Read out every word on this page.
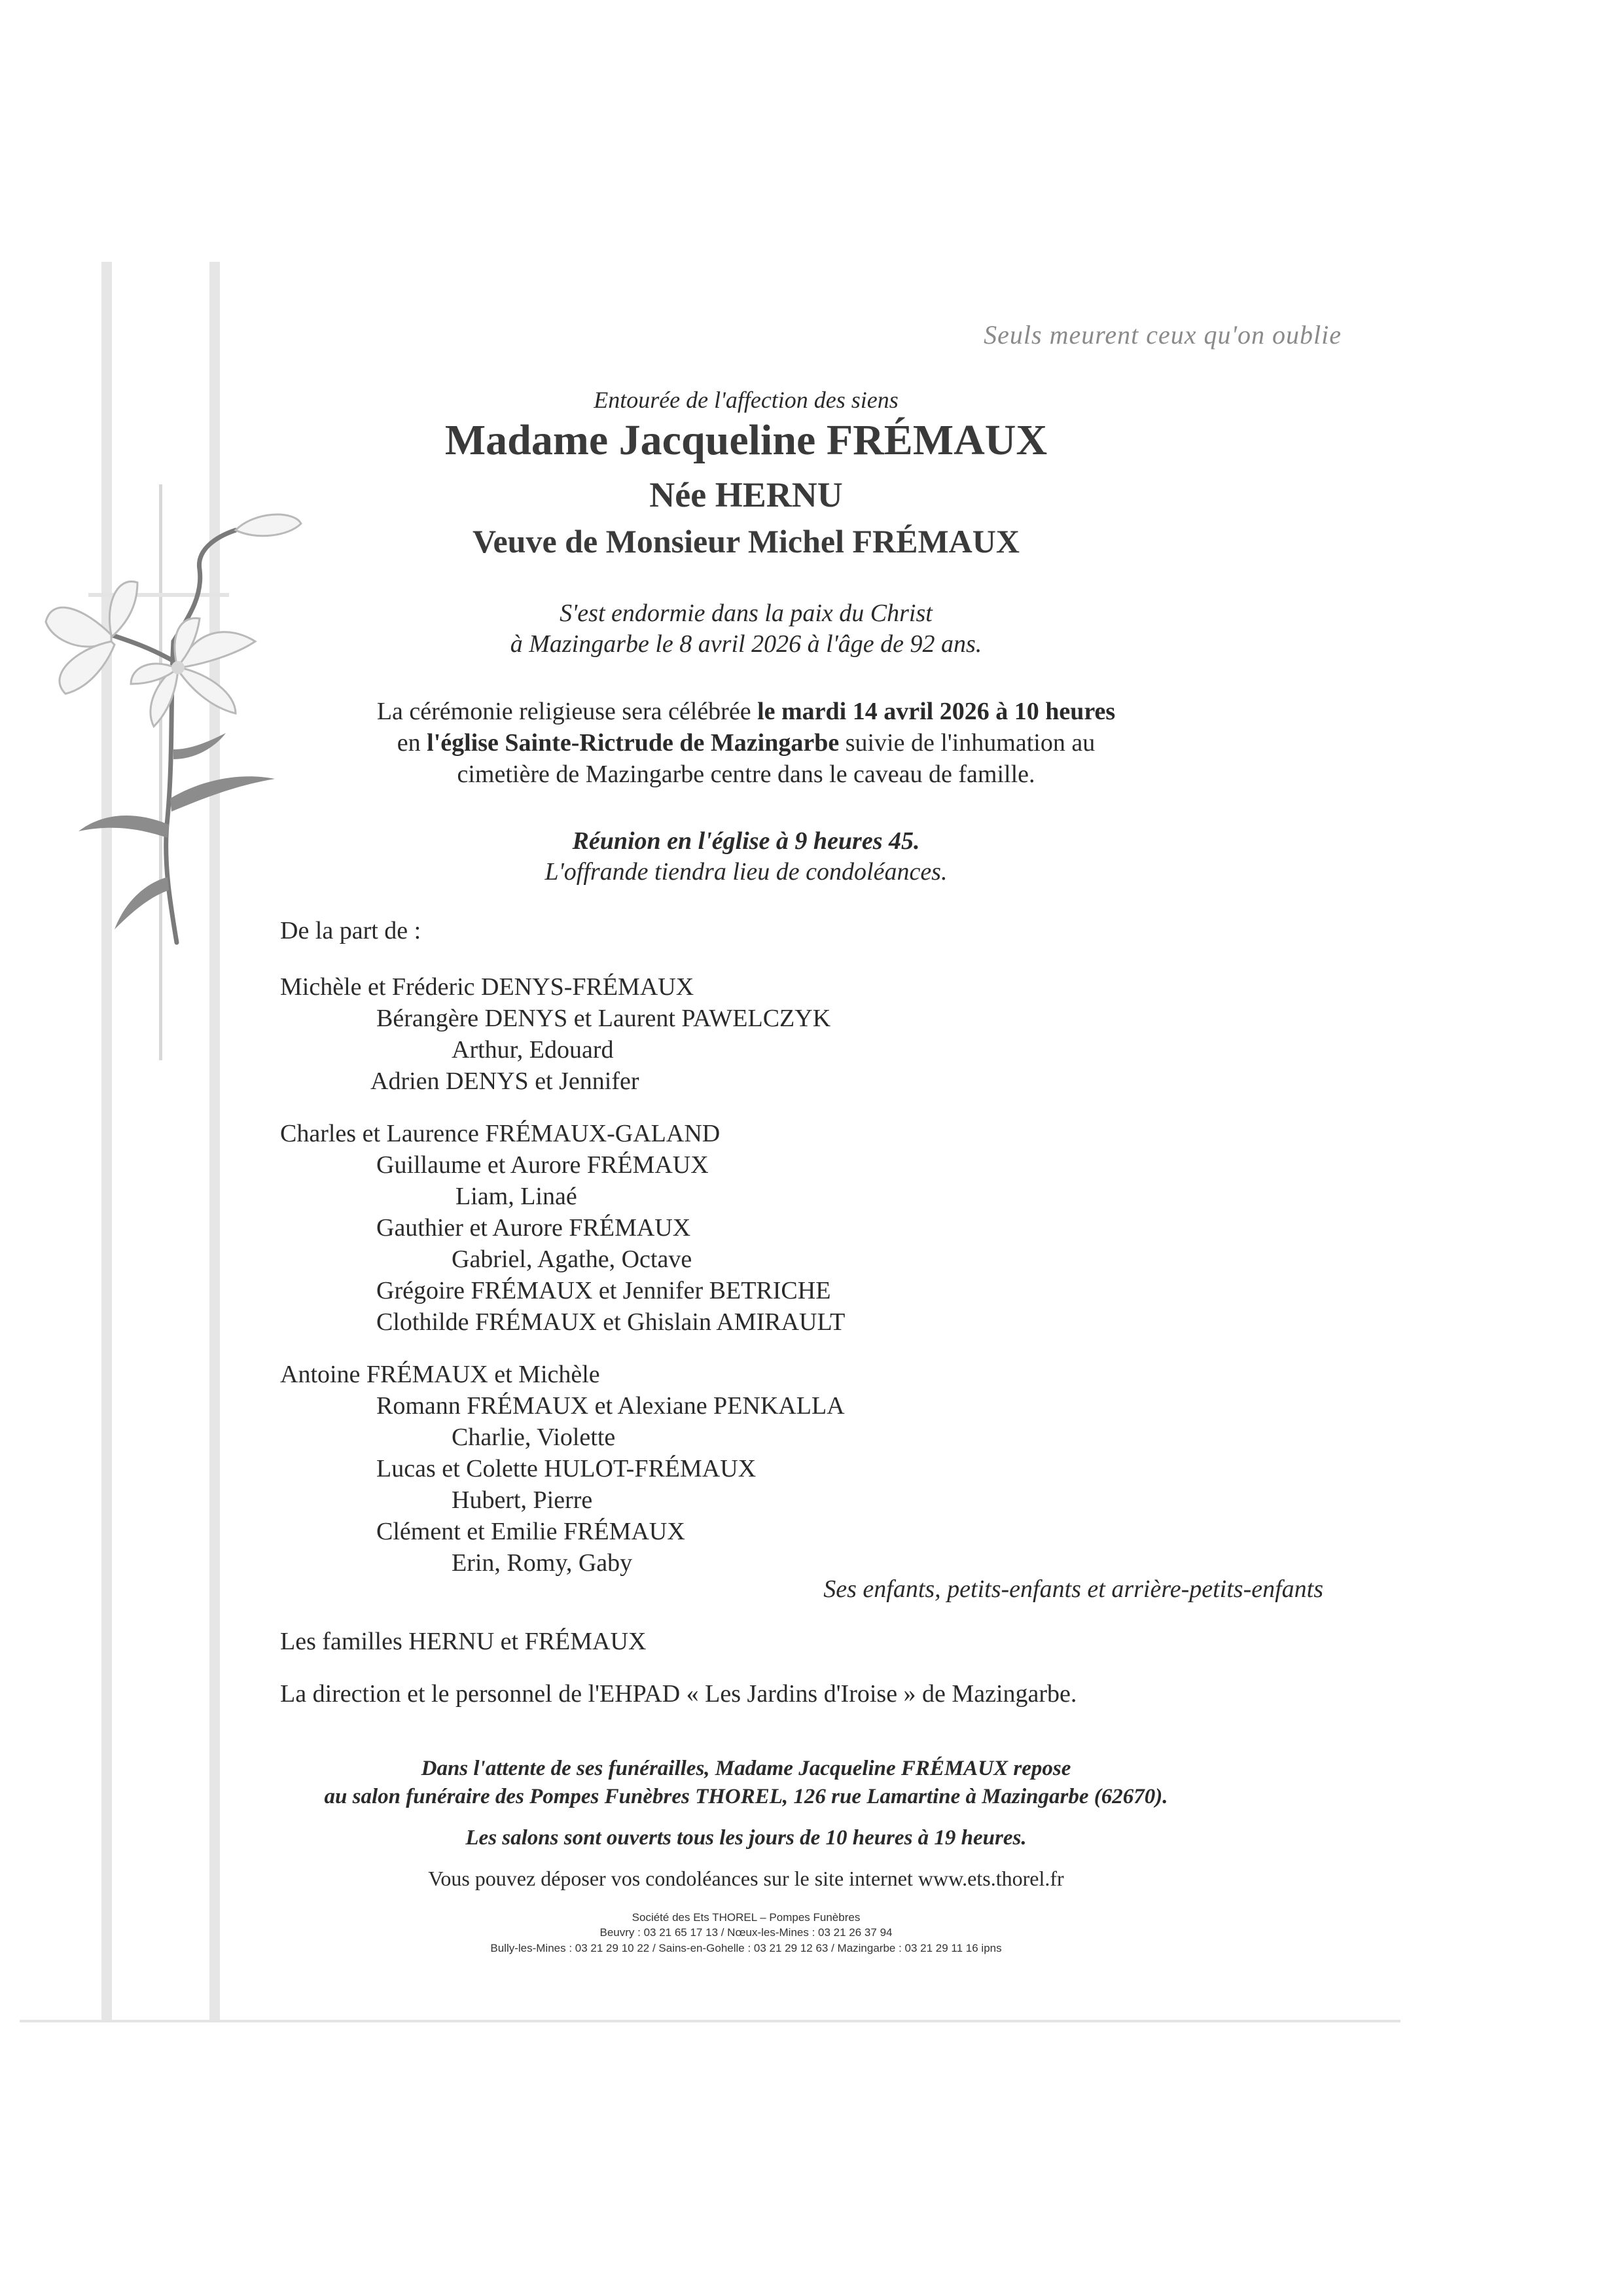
Seuls meurent ceux qu'on oublie
Entourée de l'affection des siens
Madame Jacqueline FRÉMAUX
Née HERNU
Veuve de Monsieur Michel FRÉMAUX
S'est endormie dans la paix du Christ
à Mazingarbe le 8 avril 2026 à l'âge de 92 ans.
La cérémonie religieuse sera célébrée le mardi 14 avril 2026 à 10 heures
en l'église Sainte-Rictrude de Mazingarbe suivie de l'inhumation au
cimetière de Mazingarbe centre dans le caveau de famille.
Réunion en l'église à 9 heures 45.
L'offrande tiendra lieu de condoléances.
De la part de :
Michèle et Fréderic DENYS-FRÉMAUX
Bérangère DENYS et Laurent PAWELCZYK
Arthur, Edouard
Adrien DENYS et Jennifer
Charles et Laurence FRÉMAUX-GALAND
Guillaume et Aurore FRÉMAUX
Liam, Linaé
Gauthier et Aurore FRÉMAUX
Gabriel, Agathe, Octave
Grégoire FRÉMAUX et Jennifer BETRICHE
Clothilde FRÉMAUX et Ghislain AMIRAULT
Antoine FRÉMAUX et Michèle
Romann FRÉMAUX et Alexiane PENKALLA
Charlie, Violette
Lucas et Colette HULOT-FRÉMAUX
Hubert, Pierre
Clément et Emilie FRÉMAUX
Erin, Romy, Gaby
Ses enfants, petits-enfants et arrière-petits-enfants
Les familles HERNU et FRÉMAUX
La direction et le personnel de l'EHPAD « Les Jardins d'Iroise » de Mazingarbe.
Dans l'attente de ses funérailles, Madame Jacqueline FRÉMAUX repose
au salon funéraire des Pompes Funèbres THOREL, 126 rue Lamartine à Mazingarbe (62670).
Les salons sont ouverts tous les jours de 10 heures à 19 heures.
Vous pouvez déposer vos condoléances sur le site internet www.ets.thorel.fr
Société des Ets THOREL – Pompes Funèbres
Beuvry : 03 21 65 17 13 / Nœux-les-Mines : 03 21 26 37 94
Bully-les-Mines : 03 21 29 10 22 / Sains-en-Gohelle : 03 21 29 12 63 / Mazingarbe : 03 21 29 11 16 ipns
